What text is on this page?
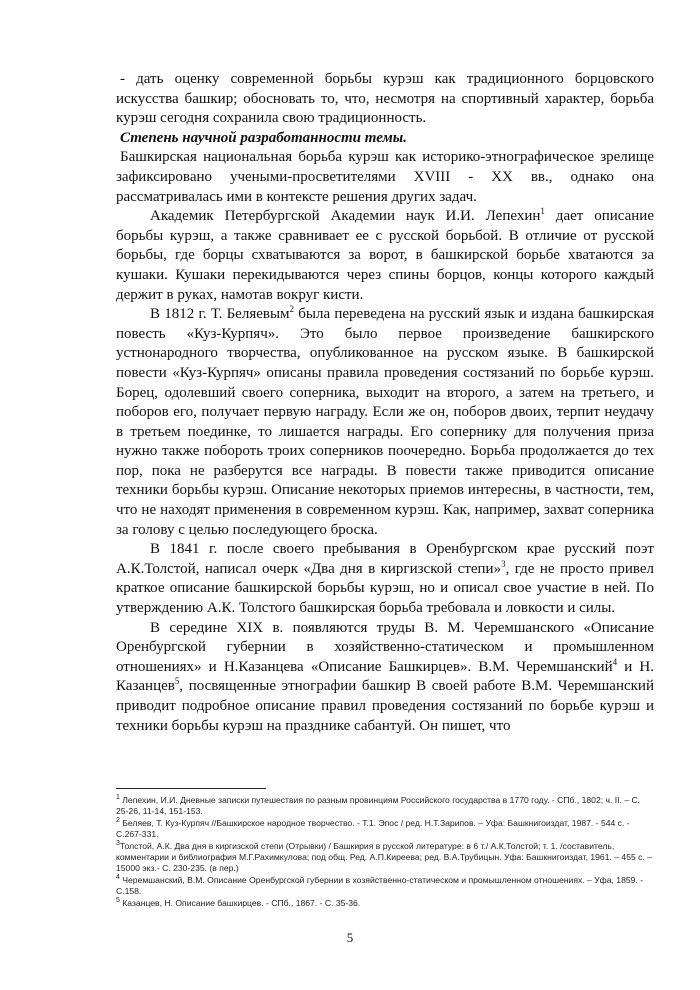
- дать оценку современной борьбы курэш как традиционного борцовского искусства башкир; обосновать то, что, несмотря на спортивный характер, борьба курэш сегодня сохранила свою традиционность.

Степень научной разработанности темы.

Башкирская национальная борьба курэш как историко-этнографическое зрелище зафиксировано учеными-просветителями XVIII - XX вв., однако она рассматривалась ими в контексте решения других задач.

Академик Петербургской Академии наук И.И. Лепехин$^1$ дает описание борьбы курэш, а также сравнивает ее с русской борьбой. В отличие от русской борьбы, где борцы схватываются за ворот, в башкирской борьбе хватаются за кушаки. Кушаки перекидываются через спины борцов, концы которого каждый держит в руках, намотав вокруг кисти.

В 1812 г. Т. Беляевым$^2$ была переведена на русский язык и издана башкирская повесть «Куз-Курпяч». Это было первое произведение башкирского устнонародного творчества, опубликованное на русском языке. В башкирской повести «Куз-Курпяч» описаны правила проведения состязаний по борьбе курэш. Борец, одолевший своего соперника, выходит на второго, а затем на третьего, и поборов его, получает первую награду. Если же он, поборов двоих, терпит неудачу в третьем поединке, то лишается награды. Его сопернику для получения приза нужно также побороть троих соперников поочередно. Борьба продолжается до тех пор, пока не разберутся все награды. В повести также приводится описание техники борьбы курэш. Описание некоторых приемов интересны, в частности, тем, что не находят применения в современном курэш. Как, например, захват соперника за голову с целью последующего броска.

В 1841 г. после своего пребывания в Оренбургском крае русский поэт А.К.Толстой, написал очерк «Два дня в киргизской степи»$^3$, где не просто привел краткое описание башкирской борьбы курэш, но и описал свое участие в ней. По утверждению А.К. Толстого башкирская борьба требовала и ловкости и силы.

В середине XIX в. появляются труды В. М. Черемшанского «Описание Оренбургской губернии в хозяйственно-статическом и промышленном отношениях» и Н.Казанцева «Описание Башкирцев». В.М. Черемшанский$^4$ и Н. Казанцев$^5$, посвященные этнографии башкир В своей работе В.М. Черемшанский приводит подробное описание правил проведения состязаний по борьбе курэш и техники борьбы курэш на празднике сабантуй. Он пишет, что

$^1$ Лепехин, И.И. Дневные записки путешествия по разным провинциям Российского государства в 1770 году. - СПб., 1802; ч. II. – С. 25-26, 11-14, 151-153.

$^2$ Беляев, Т. Куз-Курпяч //Башкирское народное творчество. - Т.1. Эпос / ред. Н.Т.Зарипов. – Уфа: Башкнигоиздат, 1987. - 544 с. - С.267-331.

$^3$Толстой, А.К. Два дня в киргизской степи (Отрывки) / Башкирия в русской литературе: в 6 т./ А.К.Толстой; т. 1. /составитель, комментарии и библиография М.Г.Рахимкулова; под общ. Ред. А.П.Киреева; ред. В.А.Трубицын. Уфа: Башкнигоиздат, 1961. – 455 с. – 15000 экз.- С. 230-235. (в пер.)

$^4$ Черемшанский, В.М. Описание Оренбургской губернии в хозяйственно-статическом и промышленном отношениях. – Уфа, 1859. - С.158.

$^5$ Казанцев, Н. Описание башкирцев. - СПб., 1867. - С. 35-36.

5
